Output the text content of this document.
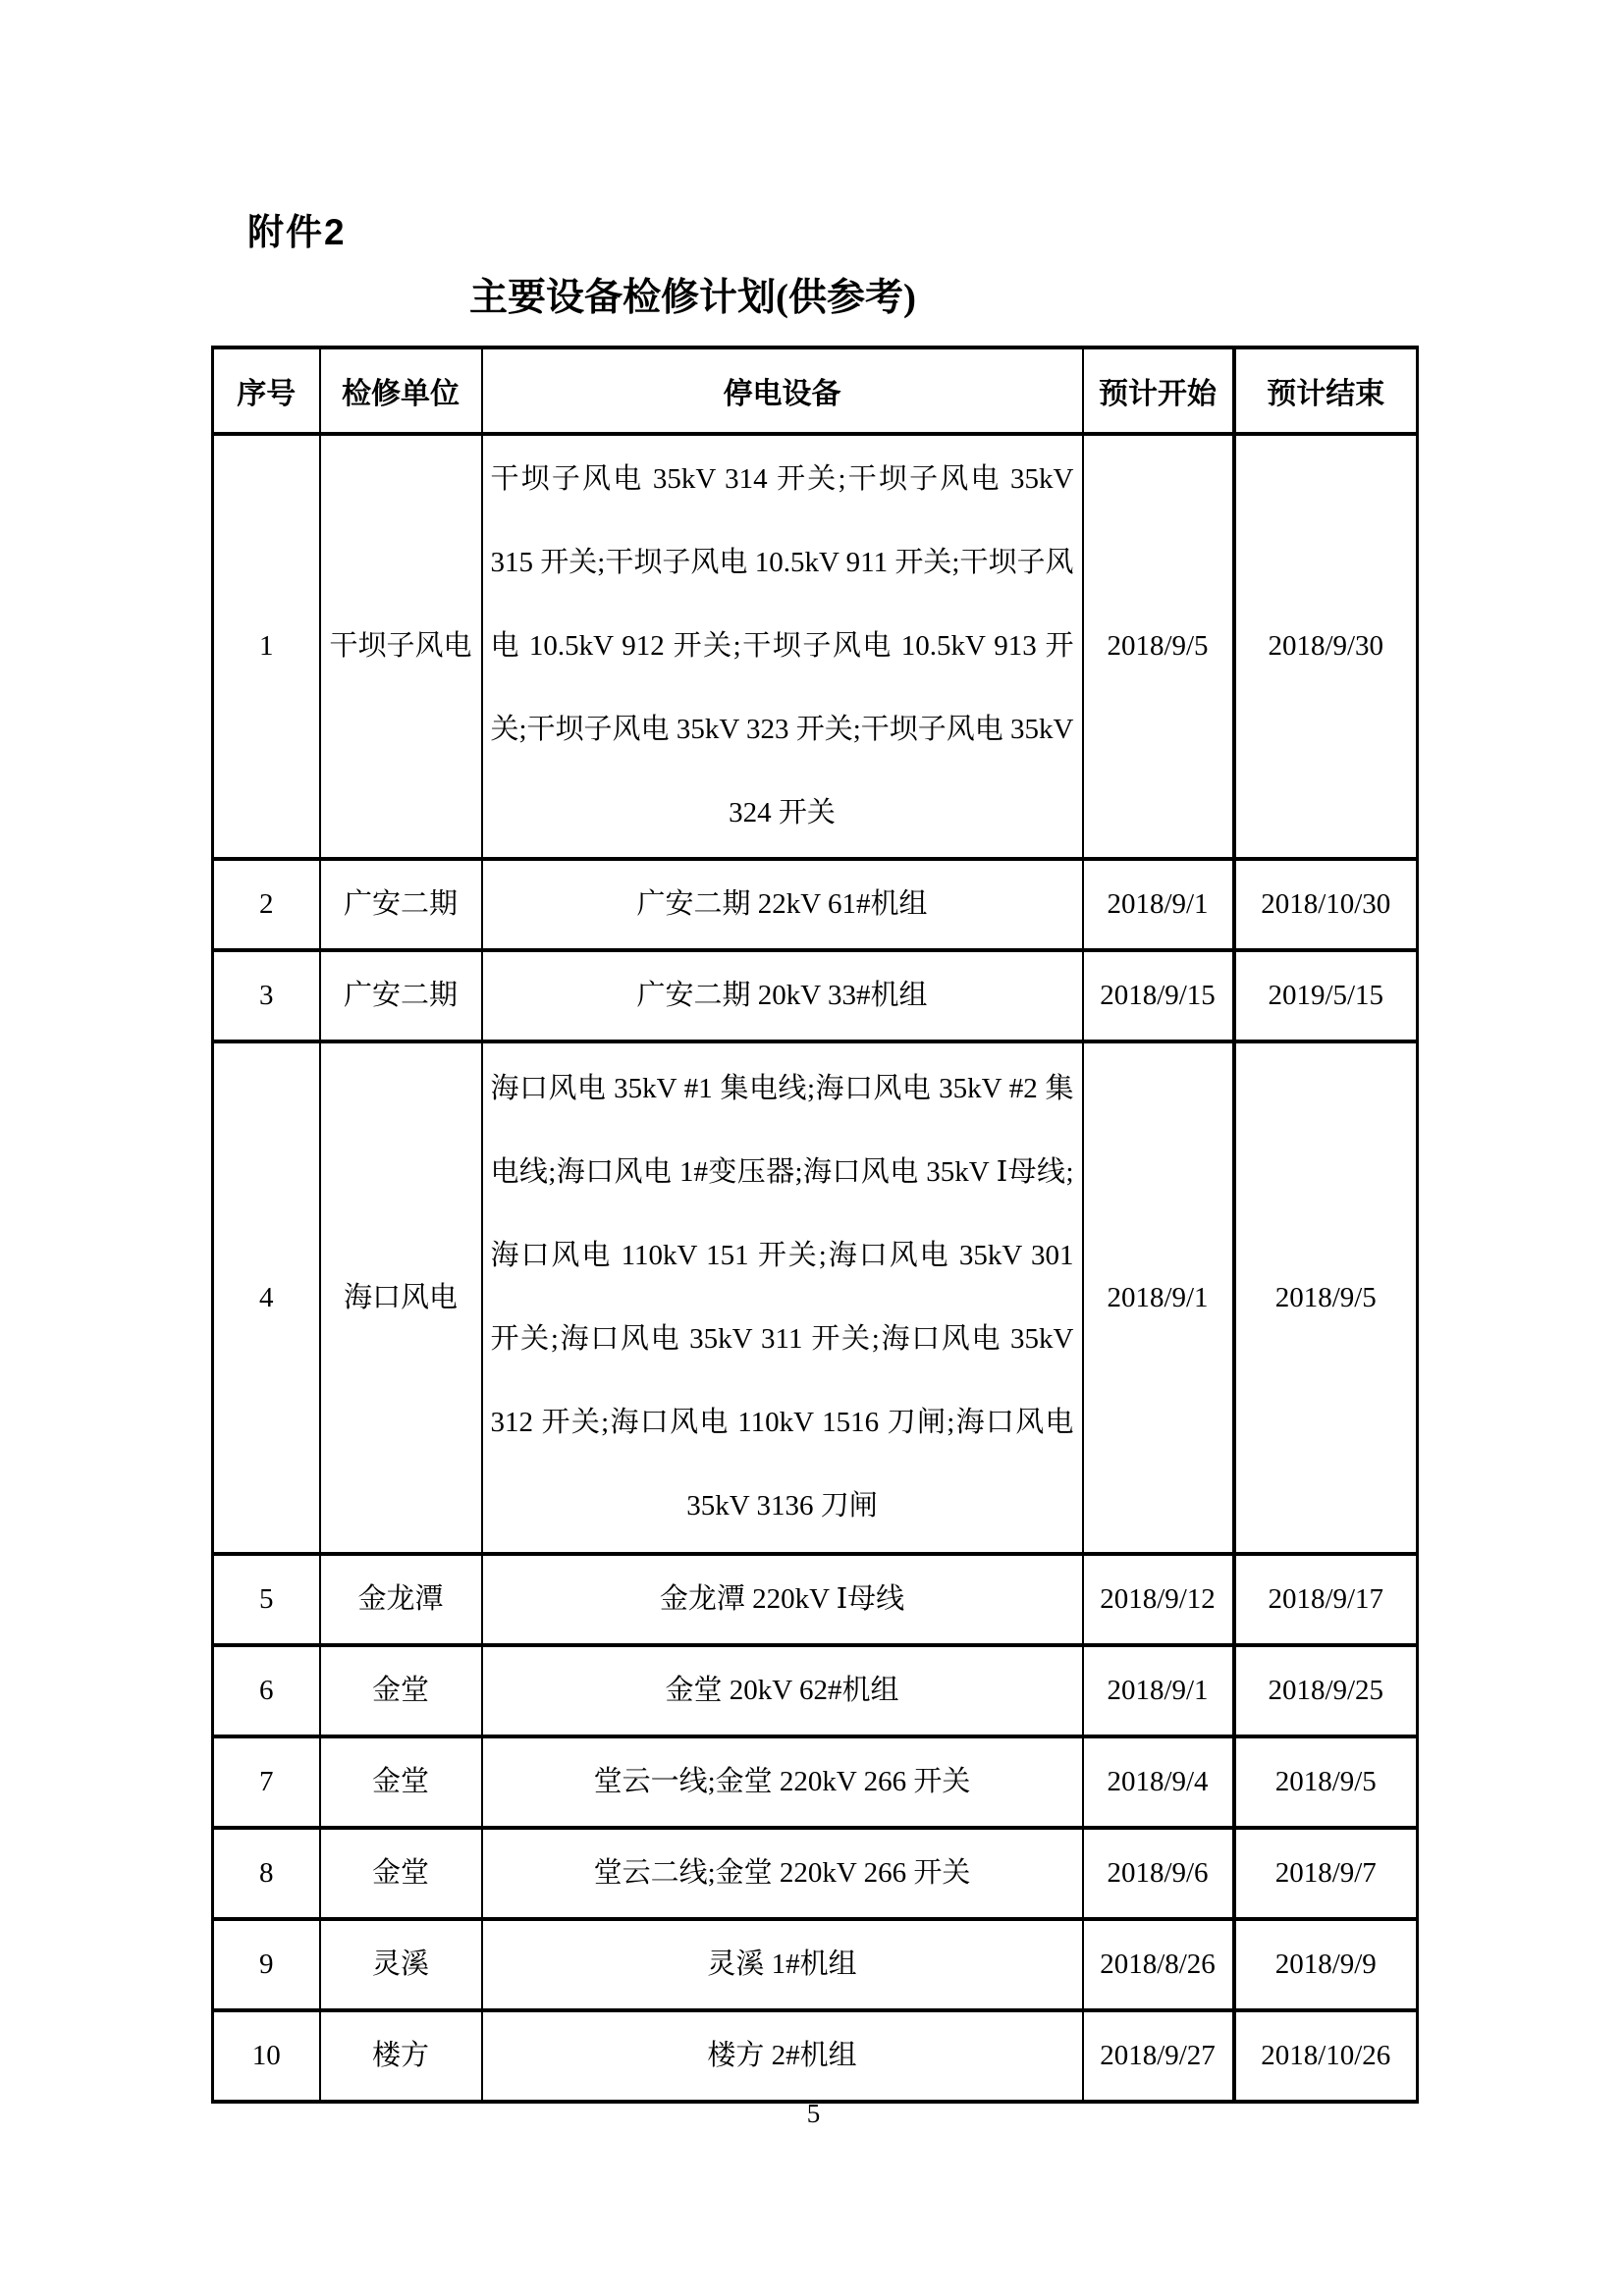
附件2
主要设备检修计划(供参考)
序号	检修单位	停电设备	预计开始	预计结束
1	干坝子风电	干坝子风电 35kV 314 开关;干坝子风电 35kV 315 开关;干坝子风电 10.5kV 911 开关;干坝子风电 10.5kV 912 开关;干坝子风电 10.5kV 913 开关;干坝子风电 35kV 323 开关;干坝子风电 35kV 324 开关	2018/9/5	2018/9/30
2	广安二期	广安二期 22kV 61#机组	2018/9/1	2018/10/30
3	广安二期	广安二期 20kV 33#机组	2018/9/15	2019/5/15
4	海口风电	海口风电 35kV #1 集电线;海口风电 35kV #2 集电线;海口风电 1#变压器;海口风电 35kV Ⅰ母线;海口风电 110kV 151 开关;海口风电 35kV 301 开关;海口风电 35kV 311 开关;海口风电 35kV 312 开关;海口风电 110kV 1516 刀闸;海口风电 35kV 3136 刀闸	2018/9/1	2018/9/5
5	金龙潭	金龙潭 220kV Ⅰ母线	2018/9/12	2018/9/17
6	金堂	金堂 20kV 62#机组	2018/9/1	2018/9/25
7	金堂	堂云一线;金堂 220kV 266 开关	2018/9/4	2018/9/5
8	金堂	堂云二线;金堂 220kV 266 开关	2018/9/6	2018/9/7
9	灵溪	灵溪 1#机组	2018/8/26	2018/9/9
10	楼方	楼方 2#机组	2018/9/27	2018/10/26
5
